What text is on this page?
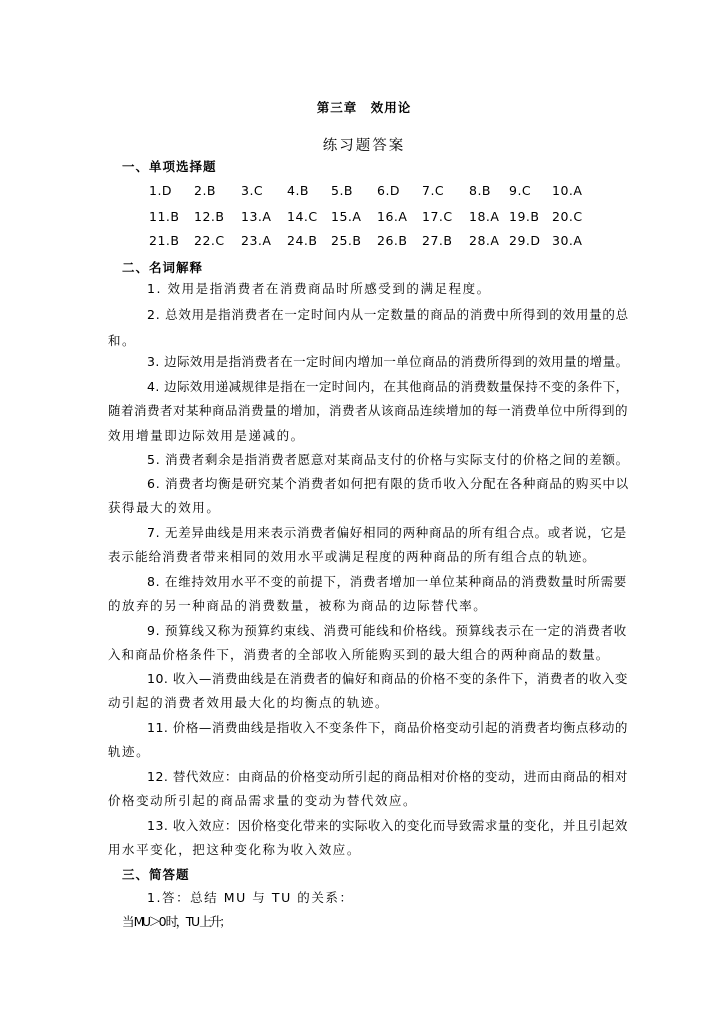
第三章　效用论
练习题答案
一、单项选择题
1.D 2.B 3.C 4.B 5.B 6.D 7.C 8.B 9.C 10.A
11.B 12.B 13.A 14.C 15.A 16.A 17.C 18.A 19.B 20.C
21.B 22.C 23.A 24.B 25.B 26.B 27.B 28.A 29.D 30.A
二、名词解释
1. 效用是指消费者在消费商品时所感受到的满足程度。
2. 总效用是指消费者在一定时间内从一定数量的商品的消费中所得到的效用量的总
和。
3. 边际效用是指消费者在一定时间内增加一单位商品的消费所得到的效用量的增量。
4. 边际效用递减规律是指在一定时间内，在其他商品的消费数量保持不变的条件下，
随着消费者对某种商品消费量的增加，消费者从该商品连续增加的每一消费单位中所得到的
效用增量即边际效用是递减的。
5. 消费者剩余是指消费者愿意对某商品支付的价格与实际支付的价格之间的差额。
6. 消费者均衡是研究某个消费者如何把有限的货币收入分配在各种商品的购买中以
获得最大的效用。
7. 无差异曲线是用来表示消费者偏好相同的两种商品的所有组合点。或者说，它是
表示能给消费者带来相同的效用水平或满足程度的两种商品的所有组合点的轨迹。
8. 在维持效用水平不变的前提下，消费者增加一单位某种商品的消费数量时所需要
的放弃的另一种商品的消费数量，被称为商品的边际替代率。
9. 预算线又称为预算约束线、消费可能线和价格线。预算线表示在一定的消费者收
入和商品价格条件下，消费者的全部收入所能购买到的最大组合的两种商品的数量。
10. 收入—消费曲线是在消费者的偏好和商品的价格不变的条件下，消费者的收入变
动引起的消费者效用最大化的均衡点的轨迹。
11. 价格—消费曲线是指收入不变条件下，商品价格变动引起的消费者均衡点移动的
轨迹。
12. 替代效应：由商品的价格变动所引起的商品相对价格的变动，进而由商品的相对
价格变动所引起的商品需求量的变动为替代效应。
13. 收入效应：因价格变化带来的实际收入的变化而导致需求量的变化，并且引起效
用水平变化，把这种变化称为收入效应。
三、简答题
1.答：总结 MU 与 TU 的关系：
当 MU＞0 时，TU 上升；
